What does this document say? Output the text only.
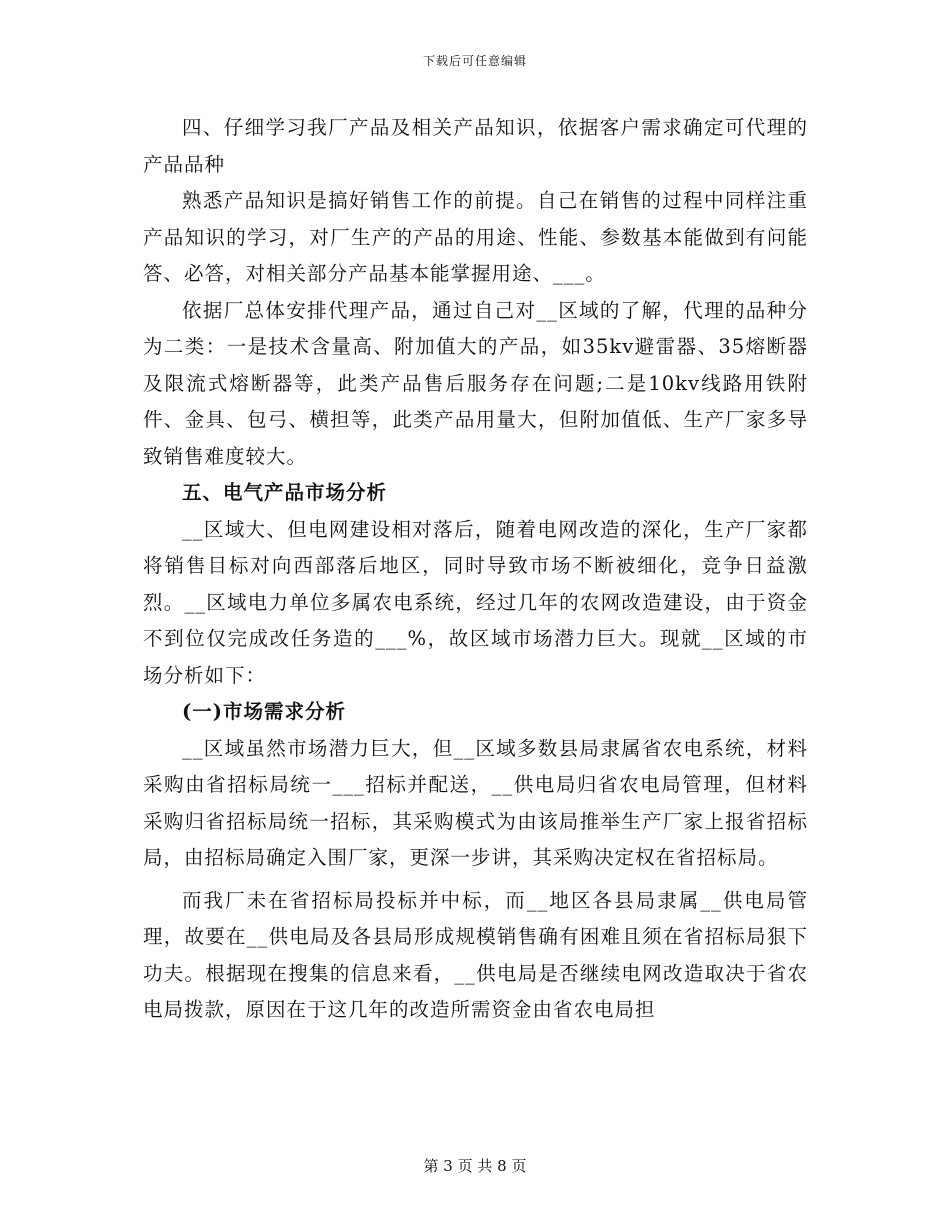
下载后可任意编辑

四、仔细学习我厂产品及相关产品知识，依据客户需求确定可代理的产品品种

熟悉产品知识是搞好销售工作的前提。自己在销售的过程中同样注重产品知识的学习，对厂生产的产品的用途、性能、参数基本能做到有问能答、必答，对相关部分产品基本能掌握用途、___。

依据厂总体安排代理产品，通过自己对__区域的了解，代理的品种分为二类：一是技术含量高、附加值大的产品，如35kv避雷器、35熔断器及限流式熔断器等，此类产品售后服务存在问题;二是10kv线路用铁附件、金具、包弓、横担等，此类产品用量大，但附加值低、生产厂家多导致销售难度较大。

五、电气产品市场分析

__区域大、但电网建设相对落后，随着电网改造的深化，生产厂家都将销售目标对向西部落后地区，同时导致市场不断被细化，竞争日益激烈。__区域电力单位多属农电系统，经过几年的农网改造建设，由于资金不到位仅完成改任务造的___%，故区域市场潜力巨大。现就__区域的市场分析如下：

(一)市场需求分析

__区域虽然市场潜力巨大，但__区域多数县局隶属省农电系统，材料采购由省招标局统一___招标并配送，__供电局归省农电局管理，但材料采购归省招标局统一招标，其采购模式为由该局推举生产厂家上报省招标局，由招标局确定入围厂家，更深一步讲，其采购决定权在省招标局。

而我厂未在省招标局投标并中标，而__地区各县局隶属__供电局管理，故要在__供电局及各县局形成规模销售确有困难且须在省招标局狠下功夫。根据现在搜集的信息来看，__供电局是否继续电网改造取决于省农电局拨款，原因在于这几年的改造所需资金由省农电局担

第 3 页 共 8 页
